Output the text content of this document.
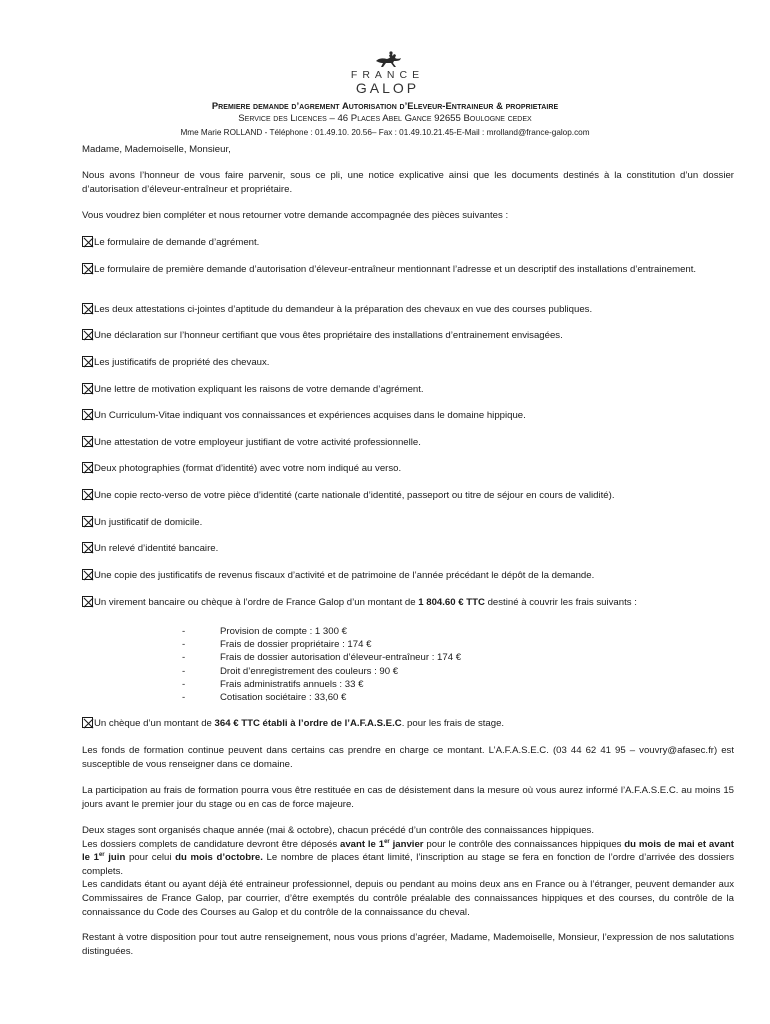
FRANCE
GALOP
Premiere demande d’agrement Autorisation d’Eleveur-Entraineur & proprietaire
Service des Licences – 46 Places Abel Gance 92655 Boulogne cedex
Mme Marie ROLLAND - Téléphone : 01.49.10. 20.56– Fax : 01.49.10.21.45-E-Mail : mrolland@france-galop.com
Madame, Mademoiselle, Monsieur,
Nous avons l’honneur de vous faire parvenir, sous ce pli, une notice explicative ainsi que les documents destinés à la constitution d’un dossier d’autorisation d’éleveur-entraîneur et propriétaire.
Vous voudrez bien compléter et nous retourner votre demande accompagnée des pièces suivantes :
Le formulaire de demande d’agrément.
Le formulaire de première demande d’autorisation d’éleveur-entraîneur mentionnant l’adresse et un descriptif des installations d’entrainement.
Les deux attestations ci-jointes d’aptitude du demandeur à la préparation des chevaux en vue des courses publiques.
Une déclaration sur l’honneur certifiant que vous êtes propriétaire des installations d’entrainement envisagées.
Les justificatifs de propriété des chevaux.
Une lettre de motivation expliquant les raisons de votre demande d’agrément.
Un Curriculum-Vitae indiquant vos connaissances et expériences acquises dans le domaine hippique.
Une attestation de votre employeur justifiant de votre activité professionnelle.
Deux photographies (format d’identité) avec votre nom indiqué au verso.
Une copie recto-verso de votre pièce d’identité (carte nationale d’identité, passeport ou titre de séjour en cours de validité).
Un justificatif de domicile.
Un relevé d’identité bancaire.
Une copie des justificatifs de revenus fiscaux d’activité et de patrimoine de l’année précédant le dépôt de la demande.
Un virement bancaire ou chèque à l’ordre de France Galop d’un montant de 1 804.60 € TTC destiné à couvrir les frais suivants :
-	Provision de compte : 1 300 €
-	Frais de dossier propriétaire : 174 €
-	Frais de dossier autorisation d’éleveur-entraîneur : 174 €
-	Droit d’enregistrement des couleurs : 90 €
-	Frais administratifs annuels : 33 €
-	Cotisation sociétaire : 33,60 €
Un chèque d’un montant de 364 € TTC établi à l’ordre de l’A.F.A.S.E.C. pour les frais de stage.
Les fonds de formation continue peuvent dans certains cas prendre en charge ce montant. L’A.F.A.S.E.C. (03 44 62 41 95 – vouvry@afasec.fr) est susceptible de vous renseigner dans ce domaine.
La participation au frais de formation pourra vous être restituée en cas de désistement dans la mesure où vous aurez informé l’A.F.A.S.E.C. au moins 15 jours avant le premier jour du stage ou en cas de force majeure.
Deux stages sont organisés chaque année (mai & octobre), chacun précédé d’un contrôle des connaissances hippiques.
Les dossiers complets de candidature devront être déposés avant le 1er janvier pour le contrôle des connaissances hippiques du mois de mai et avant le 1er juin pour celui du mois d’octobre. Le nombre de places étant limité, l’inscription au stage se fera en fonction de l’ordre d’arrivée des dossiers complets.
Les candidats étant ou ayant déjà été entraineur professionnel, depuis ou pendant au moins deux ans en France ou à l’étranger, peuvent demander aux Commissaires de France Galop, par courrier, d’être exemptés du contrôle préalable des connaissances hippiques et des courses, du contrôle de la connaissance du Code des Courses au Galop et du contrôle de la connaissance du cheval.
Restant à votre disposition pour tout autre renseignement, nous vous prions d’agréer, Madame, Mademoiselle, Monsieur, l’expression de nos salutations distinguées.
